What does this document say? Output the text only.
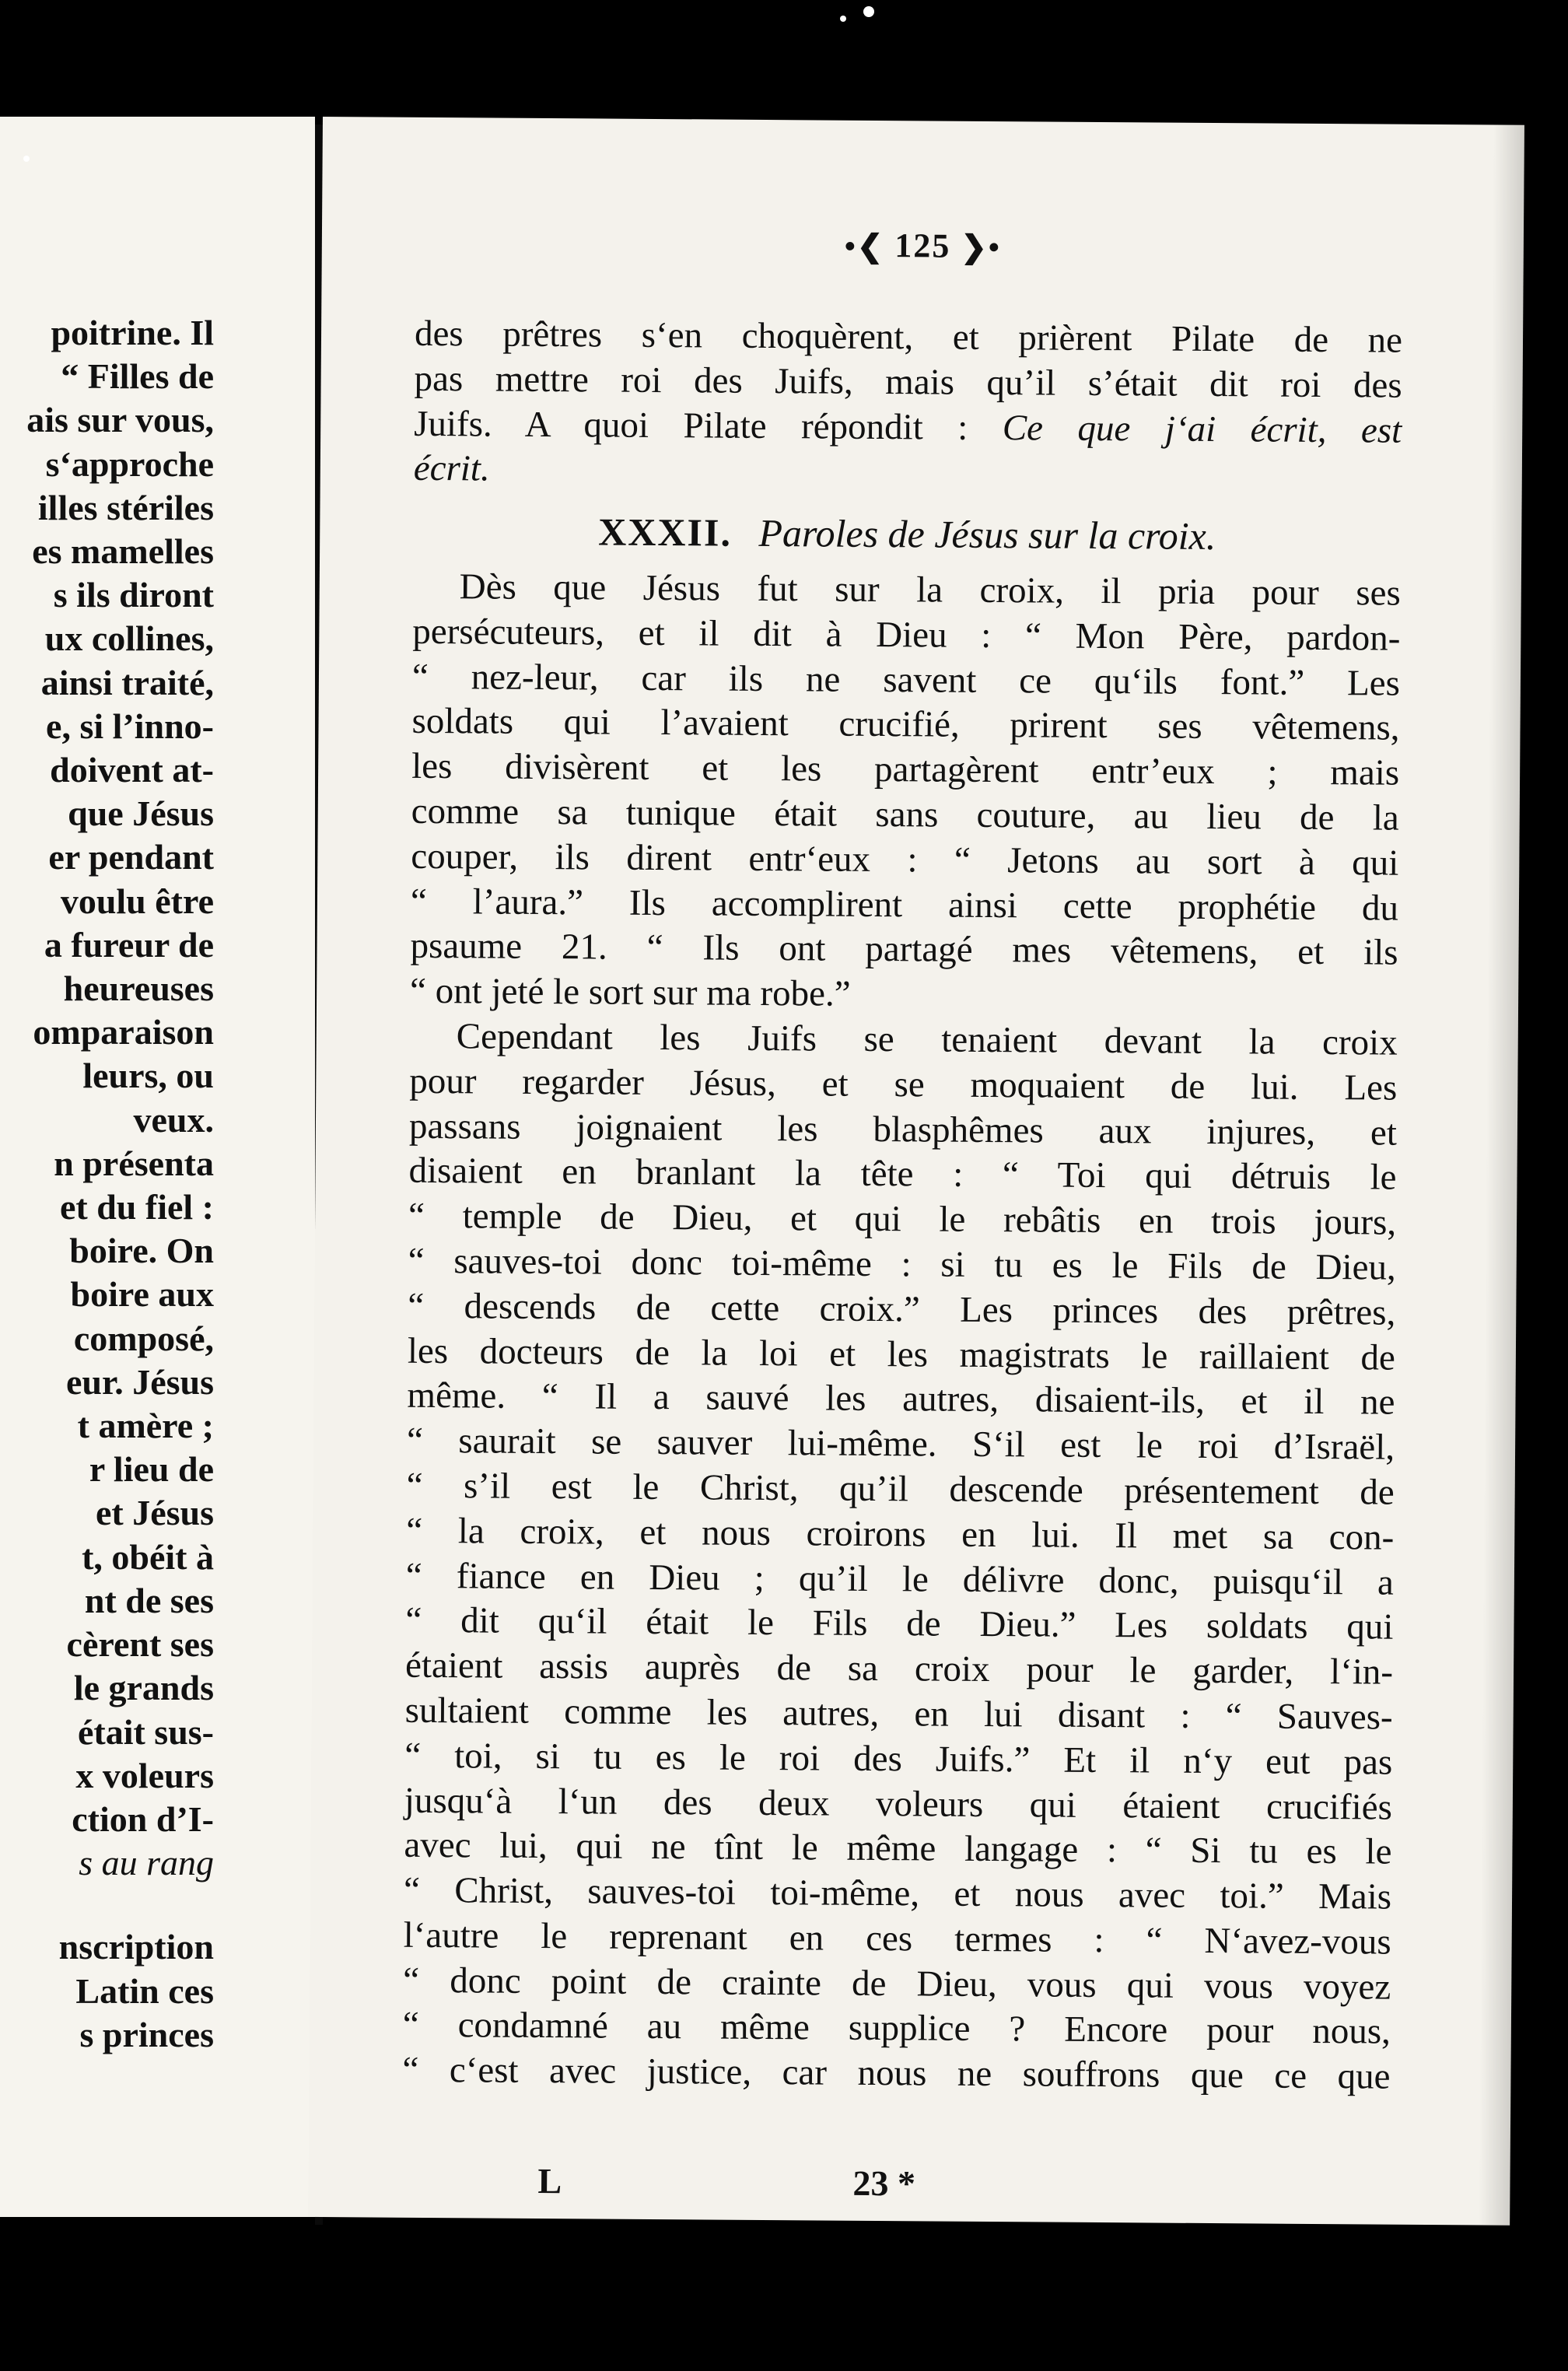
poitrine. Il
“ Filles de
ais sur vous,
s‘approche
illes stériles
es mamelles
s ils diront
ux collines,
ainsi traité,
e, si l’inno-
doivent at-
que Jésus
er pendant
voulu être
a fureur de
heureuses
omparaison
leurs, ou
veux.
n présenta
et du fiel :
boire. On
boire aux
composé,
eur. Jésus
t amère ;
r lieu de
et Jésus
t, obéit à
nt de ses
cèrent ses
le grands
était sus-
x voleurs
ction d’I-
s au rang
nscription
Latin ces
s princes
•❮ 125 ❯•
des prêtres s‘en choquèrent, et prièrent Pilate de ne
pas mettre roi des Juifs, mais qu’il s’était dit roi des
Juifs. A quoi Pilate répondit : Ce que j‘ai écrit, est
écrit.
XXXII. Paroles de Jésus sur la croix.
Dès que Jésus fut sur la croix, il pria pour ses
persécuteurs, et il dit à Dieu : “ Mon Père, pardon-
“ nez-leur, car ils ne savent ce qu‘ils font.” Les
soldats qui l’avaient crucifié, prirent ses vêtemens,
les divisèrent et les partagèrent entr’eux ; mais
comme sa tunique était sans couture, au lieu de la
couper, ils dirent entr‘eux : “ Jetons au sort à qui
“ l’aura.” Ils accomplirent ainsi cette prophétie du
psaume 21. “ Ils ont partagé mes vêtemens, et ils
“ ont jeté le sort sur ma robe.”
Cependant les Juifs se tenaient devant la croix
pour regarder Jésus, et se moquaient de lui. Les
passans joignaient les blasphêmes aux injures, et
disaient en branlant la tête : “ Toi qui détruis le
“ temple de Dieu, et qui le rebâtis en trois jours,
“ sauves-toi donc toi-même : si tu es le Fils de Dieu,
“ descends de cette croix.” Les princes des prêtres,
les docteurs de la loi et les magistrats le raillaient de
même. “ Il a sauvé les autres, disaient-ils, et il ne
“ saurait se sauver lui-même. S‘il est le roi d’Israël,
“ s’il est le Christ, qu’il descende présentement de
“ la croix, et nous croirons en lui. Il met sa con-
“ fiance en Dieu ; qu’il le délivre donc, puisqu‘il a
“ dit qu‘il était le Fils de Dieu.” Les soldats qui
étaient assis auprès de sa croix pour le garder, l‘in-
sultaient comme les autres, en lui disant : “ Sauves-
“ toi, si tu es le roi des Juifs.” Et il n‘y eut pas
jusqu‘à l‘un des deux voleurs qui étaient crucifiés
avec lui, qui ne tînt le même langage : “ Si tu es le
“ Christ, sauves-toi toi-même, et nous avec toi.” Mais
l‘autre le reprenant en ces termes : “ N‘avez-vous
“ donc point de crainte de Dieu, vous qui vous voyez
“ condamné au même supplice ? Encore pour nous,
“ c‘est avec justice, car nous ne souffrons que ce que
L	23 *
